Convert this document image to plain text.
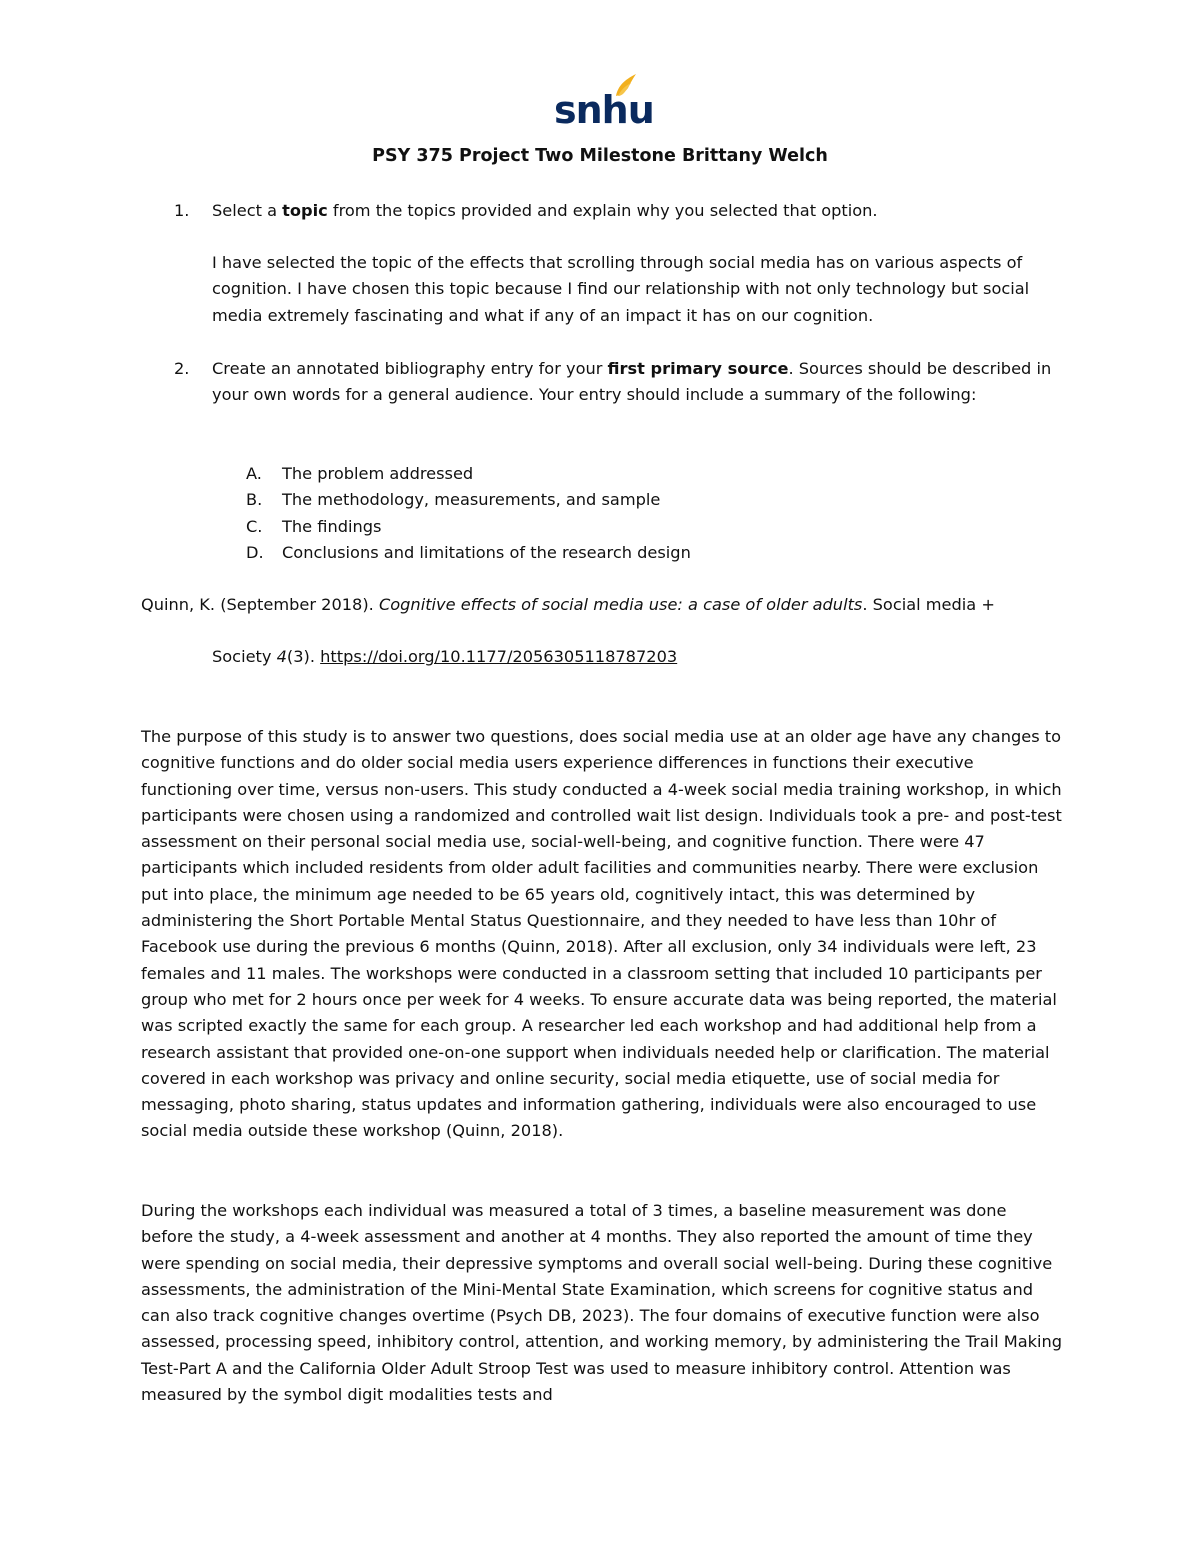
snhu
PSY 375 Project Two Milestone Brittany Welch
1. Select a topic from the topics provided and explain why you selected that option.
I have selected the topic of the effects that scrolling through social media has on various aspects of cognition. I have chosen this topic because I find our relationship with not only technology but social media extremely fascinating and what if any of an impact it has on our cognition.
2. Create an annotated bibliography entry for your first primary source. Sources should be described in your own words for a general audience. Your entry should include a summary of the following:
A. The problem addressed
B. The methodology, measurements, and sample
C. The findings
D. Conclusions and limitations of the research design
Quinn, K. (September 2018). Cognitive effects of social media use: a case of older adults. Social media +
Society 4(3). https://doi.org/10.1177/2056305118787203
The purpose of this study is to answer two questions, does social media use at an older age have any changes to cognitive functions and do older social media users experience differences in functions their executive functioning over time, versus non-users. This study conducted a 4-week social media training workshop, in which participants were chosen using a randomized and controlled wait list design. Individuals took a pre- and post-test assessment on their personal social media use, social-well-being, and cognitive function. There were 47 participants which included residents from older adult facilities and communities nearby. There were exclusion put into place, the minimum age needed to be 65 years old, cognitively intact, this was determined by administering the Short Portable Mental Status Questionnaire, and they needed to have less than 10hr of Facebook use during the previous 6 months (Quinn, 2018). After all exclusion, only 34 individuals were left, 23 females and 11 males. The workshops were conducted in a classroom setting that included 10 participants per group who met for 2 hours once per week for 4 weeks. To ensure accurate data was being reported, the material was scripted exactly the same for each group. A researcher led each workshop and had additional help from a research assistant that provided one-on-one support when individuals needed help or clarification. The material covered in each workshop was privacy and online security, social media etiquette, use of social media for messaging, photo sharing, status updates and information gathering, individuals were also encouraged to use social media outside these workshop (Quinn, 2018).
During the workshops each individual was measured a total of 3 times, a baseline measurement was done before the study, a 4-week assessment and another at 4 months. They also reported the amount of time they were spending on social media, their depressive symptoms and overall social well-being. During these cognitive assessments, the administration of the Mini-Mental State Examination, which screens for cognitive status and can also track cognitive changes overtime (Psych DB, 2023). The four domains of executive function were also assessed, processing speed, inhibitory control, attention, and working memory, by administering the Trail Making Test-Part A and the California Older Adult Stroop Test was used to measure inhibitory control. Attention was measured by the symbol digit modalities tests and
